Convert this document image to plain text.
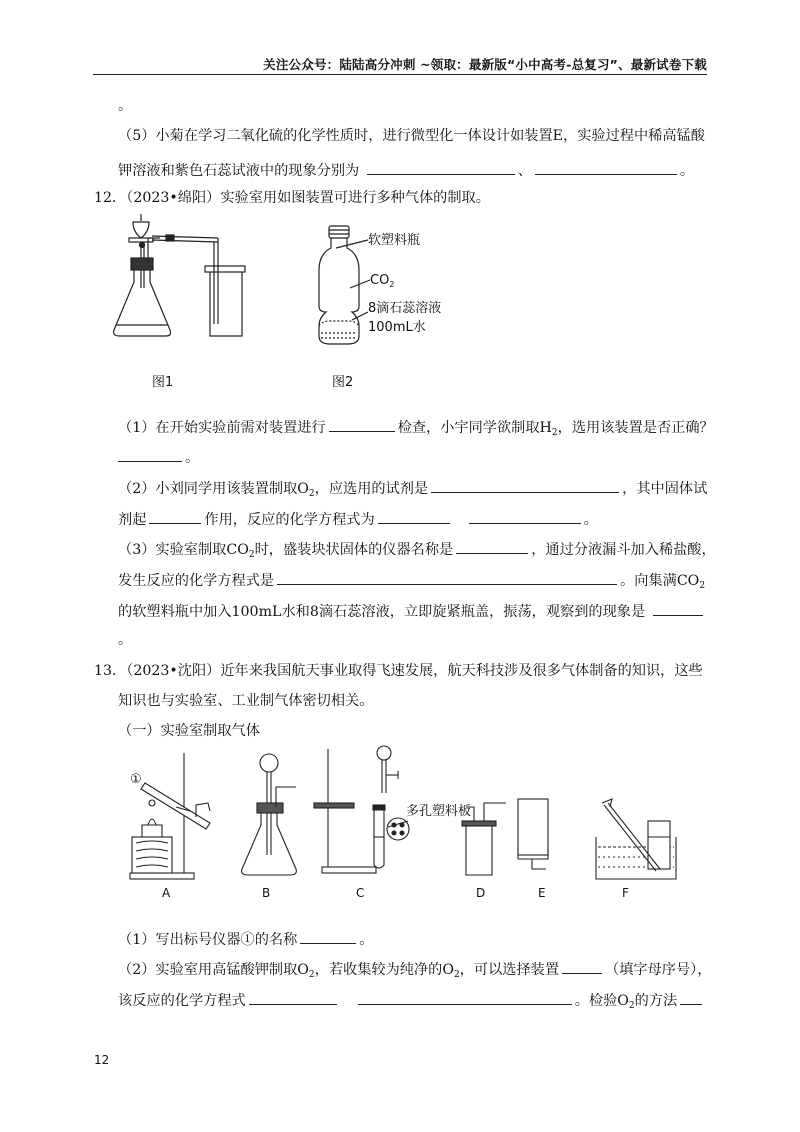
关注公众号：陆陆高分冲刺 ~领取：最新版“小中高考-总复习”、最新试卷下载
。
（5）小菊在学习二氧化硫的化学性质时，进行微型化一体设计如装置E，实验过程中稀高锰酸
钾溶液和紫色石蕊试液中的现象分别为	、	。
12．（2023•绵阳）实验室用如图装置可进行多种气体的制取。
软塑料瓶
$CO_2$
8滴石蕊溶液
100mL水
图1	图2
（1）在开始实验前需对装置进行	检查，小宇同学欲制取$H_2$，选用该装置是否正确？
。
（2）小刘同学用该装置制取$O_2$，应选用的试剂是	，其中固体试
剂起	作用，反应的化学方程式为	。
（3）实验室制取$CO_2$时，盛装块状固体的仪器名称是	，通过分液漏斗加入稀盐酸，
发生反应的化学方程式是	。向集满$CO_2$
的软塑料瓶中加入100mL水和8滴石蕊溶液，立即旋紧瓶盖，振荡，观察到的现象是
。
13．（2023•沈阳）近年来我国航天事业取得飞速发展，航天科技涉及很多气体制备的知识，这些
知识也与实验室、工业制气体密切相关。
（一）实验室制取气体
①
多孔塑料板
A	B	C	D	E	F
（1）写出标号仪器①的名称	。
（2）实验室用高锰酸钾制取$O_2$，若收集较为纯净的$O_2$，可以选择装置	（填字母序号），
该反应的化学方程式	。检验$O_2$的方法
12
